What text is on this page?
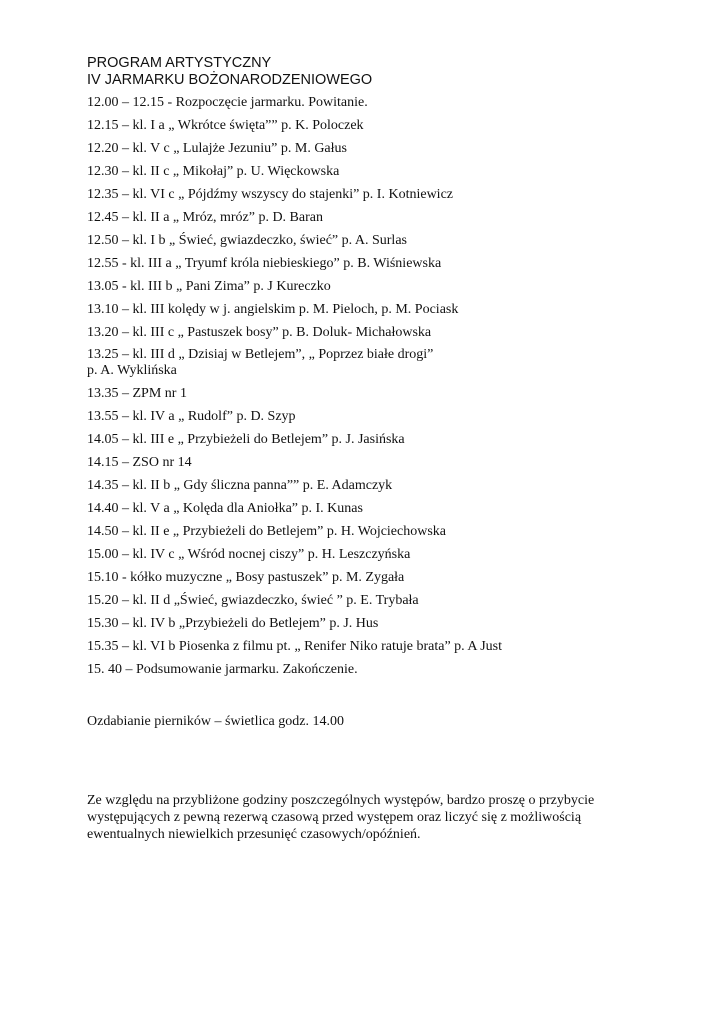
PROGRAM ARTYSTYCZNY

IV JARMARKU BOŻONARODZENIOWEGO

12.00 – 12.15 - Rozpoczęcie jarmarku. Powitanie.
12.15 – kl. I a „ Wkrótce święta”” p. K. Poloczek
12.20 – kl. V c „ Lulajże Jezuniu” p. M. Gałus
12.30 – kl. II c „ Mikołaj” p. U. Więckowska
12.35 – kl. VI c „ Pójdźmy wszyscy do stajenki” p. I. Kotniewicz
12.45 – kl. II a „ Mróz, mróz” p. D. Baran
12.50 – kl. I b „ Świeć, gwiazdeczko, świeć” p. A. Surlas
12.55 - kl. III a „ Tryumf króla niebieskiego” p. B. Wiśniewska
13.05 - kl. III b „ Pani Zima” p. J Kureczko
13.10 – kl. III kolędy w j. angielskim p. M. Pieloch, p. M. Pociask
13.20 – kl. III c „ Pastuszek bosy” p. B. Doluk- Michałowska
13.25 – kl. III d „ Dzisiaj w Betlejem”, „ Poprzez białe drogi”
p. A. Wyklińska
13.35 – ZPM nr 1
13.55 – kl. IV a „ Rudolf” p. D. Szyp
14.05 – kl. III e „ Przybieżeli do Betlejem” p. J. Jasińska
14.15 – ZSO nr 14
14.35 – kl. II b „ Gdy śliczna panna”” p. E. Adamczyk
14.40 – kl. V a „ Kolęda dla Aniołka” p. I. Kunas
14.50 – kl. II e „ Przybieżeli do Betlejem” p. H. Wojciechowska
15.00 – kl. IV c „ Wśród nocnej ciszy” p. H. Leszczyńska
15.10 - kółko muzyczne „ Bosy pastuszek” p. M. Zygała
15.20 – kl. II d „Świeć, gwiazdeczko, świeć ” p. E. Trybała
15.30 – kl. IV b „Przybieżeli do Betlejem” p. J. Hus
15.35 – kl. VI b Piosenka z filmu pt. „ Renifer Niko ratuje brata” p. A Just
15. 40 – Podsumowanie jarmarku. Zakończenie.

Ozdabianie pierników – świetlica godz. 14.00

Ze względu na przybliżone godziny poszczególnych występów, bardzo proszę o przybycie
występujących z pewną rezerwą czasową przed występem oraz liczyć się z możliwością
ewentualnych niewielkich przesunięć czasowych/opóźnień.
